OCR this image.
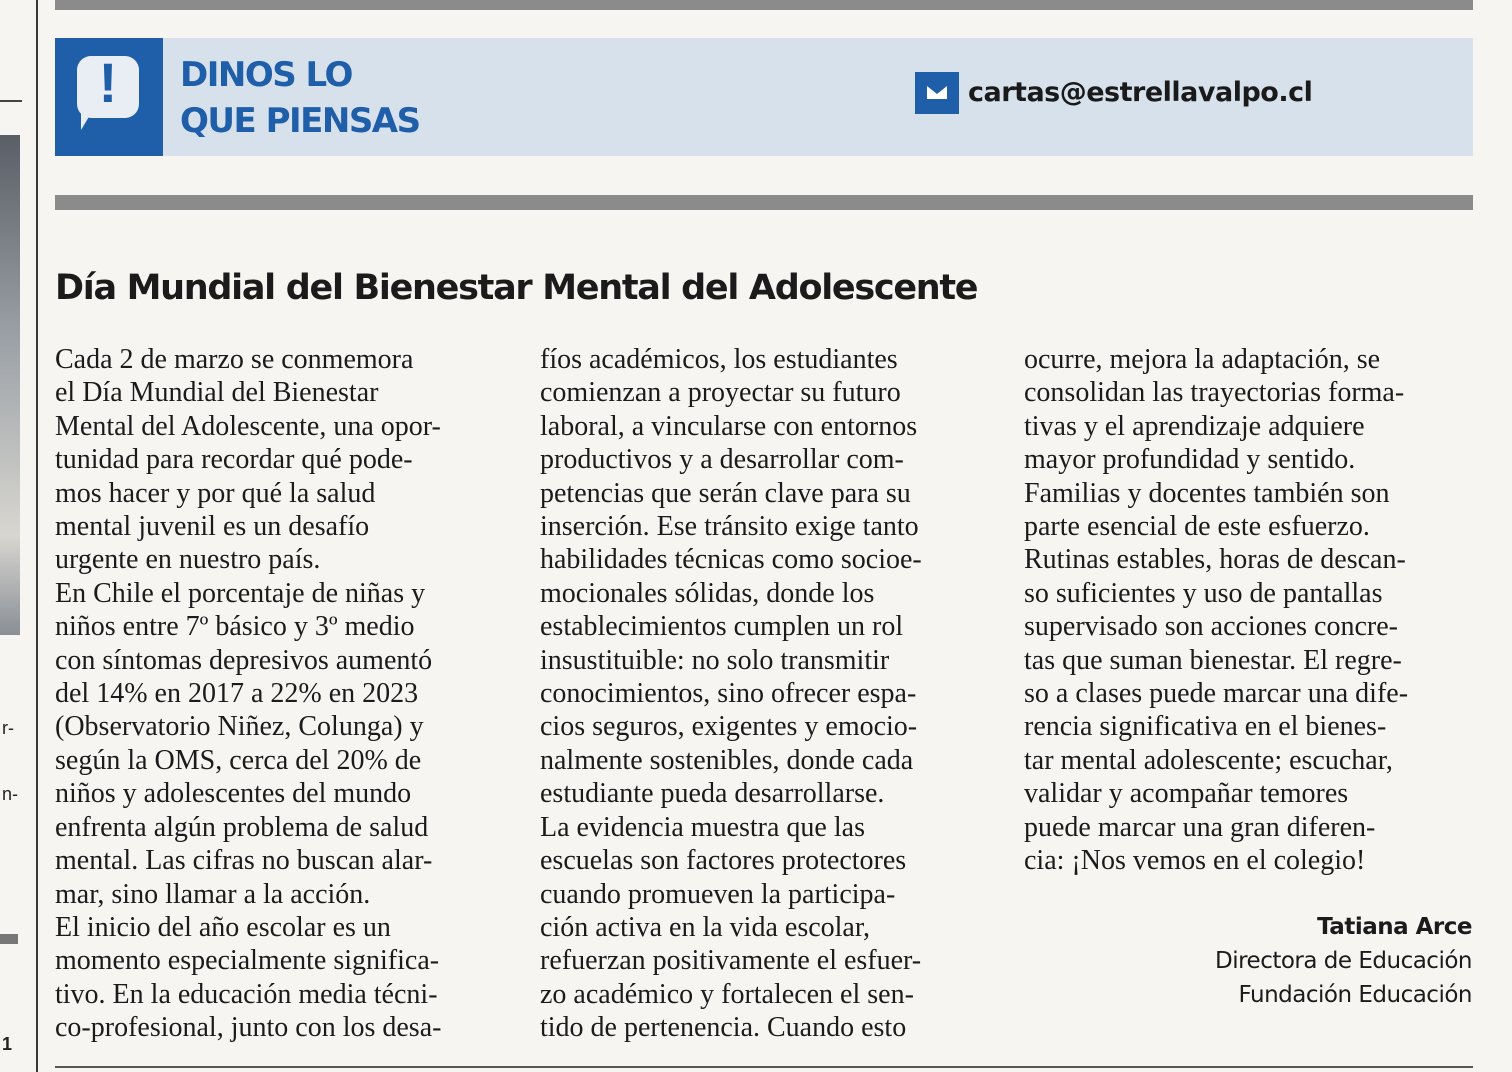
r-
n-
1
!	DINOS LO
QUE PIENSAS
cartas@estrellavalpo.cl
Día Mundial del Bienestar Mental del Adolescente
Cada 2 de marzo se conmemora
el Día Mundial del Bienestar
Mental del Adolescente, una opor-
tunidad para recordar qué pode-
mos hacer y por qué la salud
mental juvenil es un desafío
urgente en nuestro país.
En Chile el porcentaje de niñas y
niños entre 7º básico y 3º medio
con síntomas depresivos aumentó
del 14% en 2017 a 22% en 2023
(Observatorio Niñez, Colunga) y
según la OMS, cerca del 20% de
niños y adolescentes del mundo
enfrenta algún problema de salud
mental. Las cifras no buscan alar-
mar, sino llamar a la acción.
El inicio del año escolar es un
momento especialmente significa-
tivo. En la educación media técni-
co-profesional, junto con los desa-
fíos académicos, los estudiantes
comienzan a proyectar su futuro
laboral, a vincularse con entornos
productivos y a desarrollar com-
petencias que serán clave para su
inserción. Ese tránsito exige tanto
habilidades técnicas como socioe-
mocionales sólidas, donde los
establecimientos cumplen un rol
insustituible: no solo transmitir
conocimientos, sino ofrecer espa-
cios seguros, exigentes y emocio-
nalmente sostenibles, donde cada
estudiante pueda desarrollarse.
La evidencia muestra que las
escuelas son factores protectores
cuando promueven la participa-
ción activa en la vida escolar,
refuerzan positivamente el esfuer-
zo académico y fortalecen el sen-
tido de pertenencia. Cuando esto
ocurre, mejora la adaptación, se
consolidan las trayectorias forma-
tivas y el aprendizaje adquiere
mayor profundidad y sentido.
Familias y docentes también son
parte esencial de este esfuerzo.
Rutinas estables, horas de descan-
so suficientes y uso de pantallas
supervisado son acciones concre-
tas que suman bienestar. El regre-
so a clases puede marcar una dife-
rencia significativa en el bienes-
tar mental adolescente; escuchar,
validar y acompañar temores
puede marcar una gran diferen-
cia: ¡Nos vemos en el colegio!
Tatiana Arce
Directora de Educación
Fundación Educación
